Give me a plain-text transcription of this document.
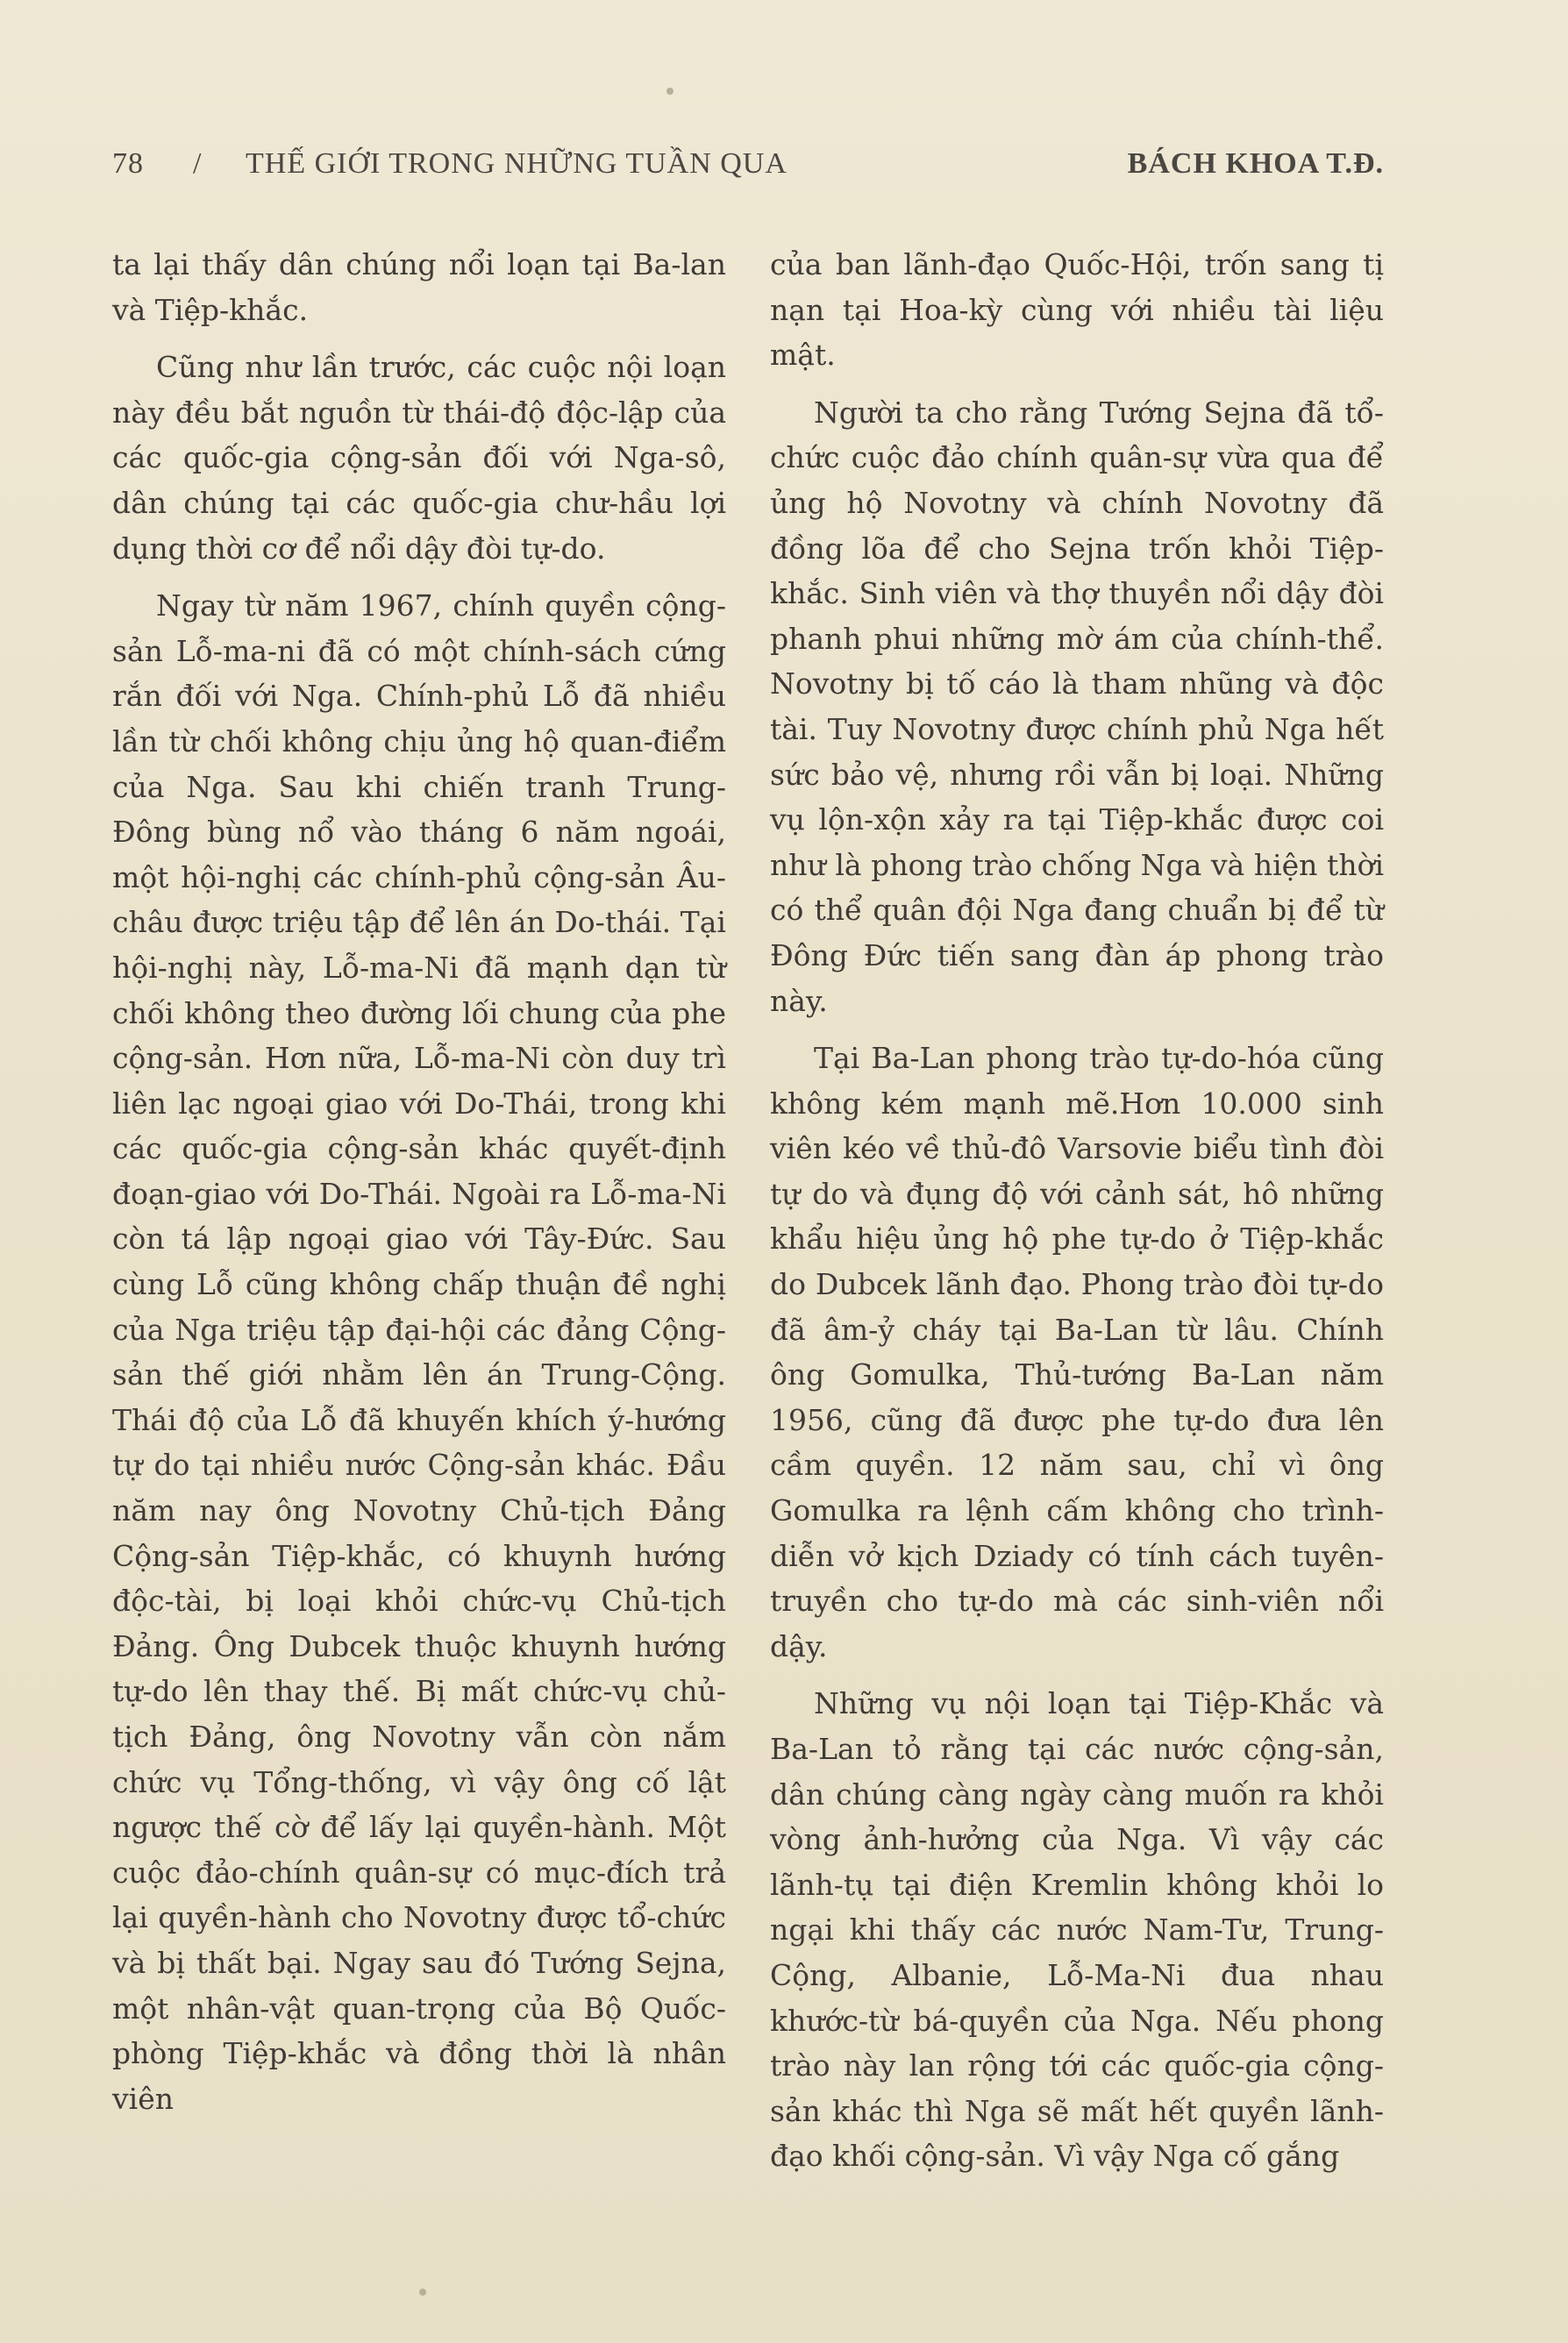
78 / THẾ GIỚI TRONG NHỮNG TUẦN QUA	BÁCH KHOA T.Đ.

ta lại thấy dân chúng nổi loạn tại Ba-lan và Tiệp-khắc.

Cũng như lần trước, các cuộc nội loạn này đều bắt nguồn từ thái-độ độc-lập của các quốc-gia cộng-sản đối với Nga-sô, dân chúng tại các quốc-gia chư-hầu lợi dụng thời cơ để nổi dậy đòi tự-do.

Ngay từ năm 1967, chính quyền cộng-sản Lỗ-ma-ni đã có một chính-sách cứng rắn đối với Nga. Chính-phủ Lỗ đã nhiều lần từ chối không chịu ủng hộ quan-điểm của Nga. Sau khi chiến tranh Trung-Đông bùng nổ vào tháng 6 năm ngoái, một hội-nghị các chính-phủ cộng-sản Âu-châu được triệu tập để lên án Do-thái. Tại hội-nghị này, Lỗ-ma-Ni đã mạnh dạn từ chối không theo đường lối chung của phe cộng-sản. Hơn nữa, Lỗ-ma-Ni còn duy trì liên lạc ngoại giao với Do-Thái, trong khi các quốc-gia cộng-sản khác quyết-định đoạn-giao với Do-Thái. Ngoài ra Lỗ-ma-Ni còn tá lập ngoại giao với Tây-Đức. Sau cùng Lỗ cũng không chấp thuận đề nghị của Nga triệu tập đại-hội các đảng Cộng-sản thế giới nhằm lên án Trung-Cộng. Thái độ của Lỗ đã khuyến khích ý-hướng tự do tại nhiều nước Cộng-sản khác. Đầu năm nay ông Novotny Chủ-tịch Đảng Cộng-sản Tiệp-khắc, có khuynh hướng độc-tài, bị loại khỏi chức-vụ Chủ-tịch Đảng. Ông Dubcek thuộc khuynh hướng tự-do lên thay thế. Bị mất chức-vụ chủ-tịch Đảng, ông Novotny vẫn còn nắm chức vụ Tổng-thống, vì vậy ông cố lật ngược thế cờ để lấy lại quyền-hành. Một cuộc đảo-chính quân-sự có mục-đích trả lại quyền-hành cho Novotny được tổ-chức và bị thất bại. Ngay sau đó Tướng Sejna, một nhân-vật quan-trọng của Bộ Quốc-phòng Tiệp-khắc và đồng thời là nhân viên

của ban lãnh-đạo Quốc-Hội, trốn sang tị nạn tại Hoa-kỳ cùng với nhiều tài liệu mật.

Người ta cho rằng Tướng Sejna đã tổ-chức cuộc đảo chính quân-sự vừa qua để ủng hộ Novotny và chính Novotny đã đồng lõa để cho Sejna trốn khỏi Tiệp-khắc. Sinh viên và thợ thuyền nổi dậy đòi phanh phui những mờ ám của chính-thể. Novotny bị tố cáo là tham nhũng và độc tài. Tuy Novotny được chính phủ Nga hết sức bảo vệ, nhưng rồi vẫn bị loại. Những vụ lộn-xộn xảy ra tại Tiệp-khắc được coi như là phong trào chống Nga và hiện thời có thể quân đội Nga đang chuẩn bị để từ Đông Đức tiến sang đàn áp phong trào này.

Tại Ba-Lan phong trào tự-do-hóa cũng không kém mạnh mẽ.Hơn 10.000 sinh viên kéo về thủ-đô Varsovie biểu tình đòi tự do và đụng độ với cảnh sát, hô những khẩu hiệu ủng hộ phe tự-do ở Tiệp-khắc do Dubcek lãnh đạo. Phong trào đòi tự-do đã âm-ỷ cháy tại Ba-Lan từ lâu. Chính ông Gomulka, Thủ-tướng Ba-Lan năm 1956, cũng đã được phe tự-do đưa lên cầm quyền. 12 năm sau, chỉ vì ông Gomulka ra lệnh cấm không cho trình-diễn vở kịch Dziady có tính cách tuyên-truyền cho tự-do mà các sinh-viên nổi dậy.

Những vụ nội loạn tại Tiệp-Khắc và Ba-Lan tỏ rằng tại các nước cộng-sản, dân chúng càng ngày càng muốn ra khỏi vòng ảnh-hưởng của Nga. Vì vậy các lãnh-tụ tại điện Kremlin không khỏi lo ngại khi thấy các nước Nam-Tư, Trung-Cộng, Albanie, Lỗ-Ma-Ni đua nhau khước-từ bá-quyền của Nga. Nếu phong trào này lan rộng tới các quốc-gia cộng-sản khác thì Nga sẽ mất hết quyền lãnh-đạo khối cộng-sản. Vì vậy Nga cố gắng
